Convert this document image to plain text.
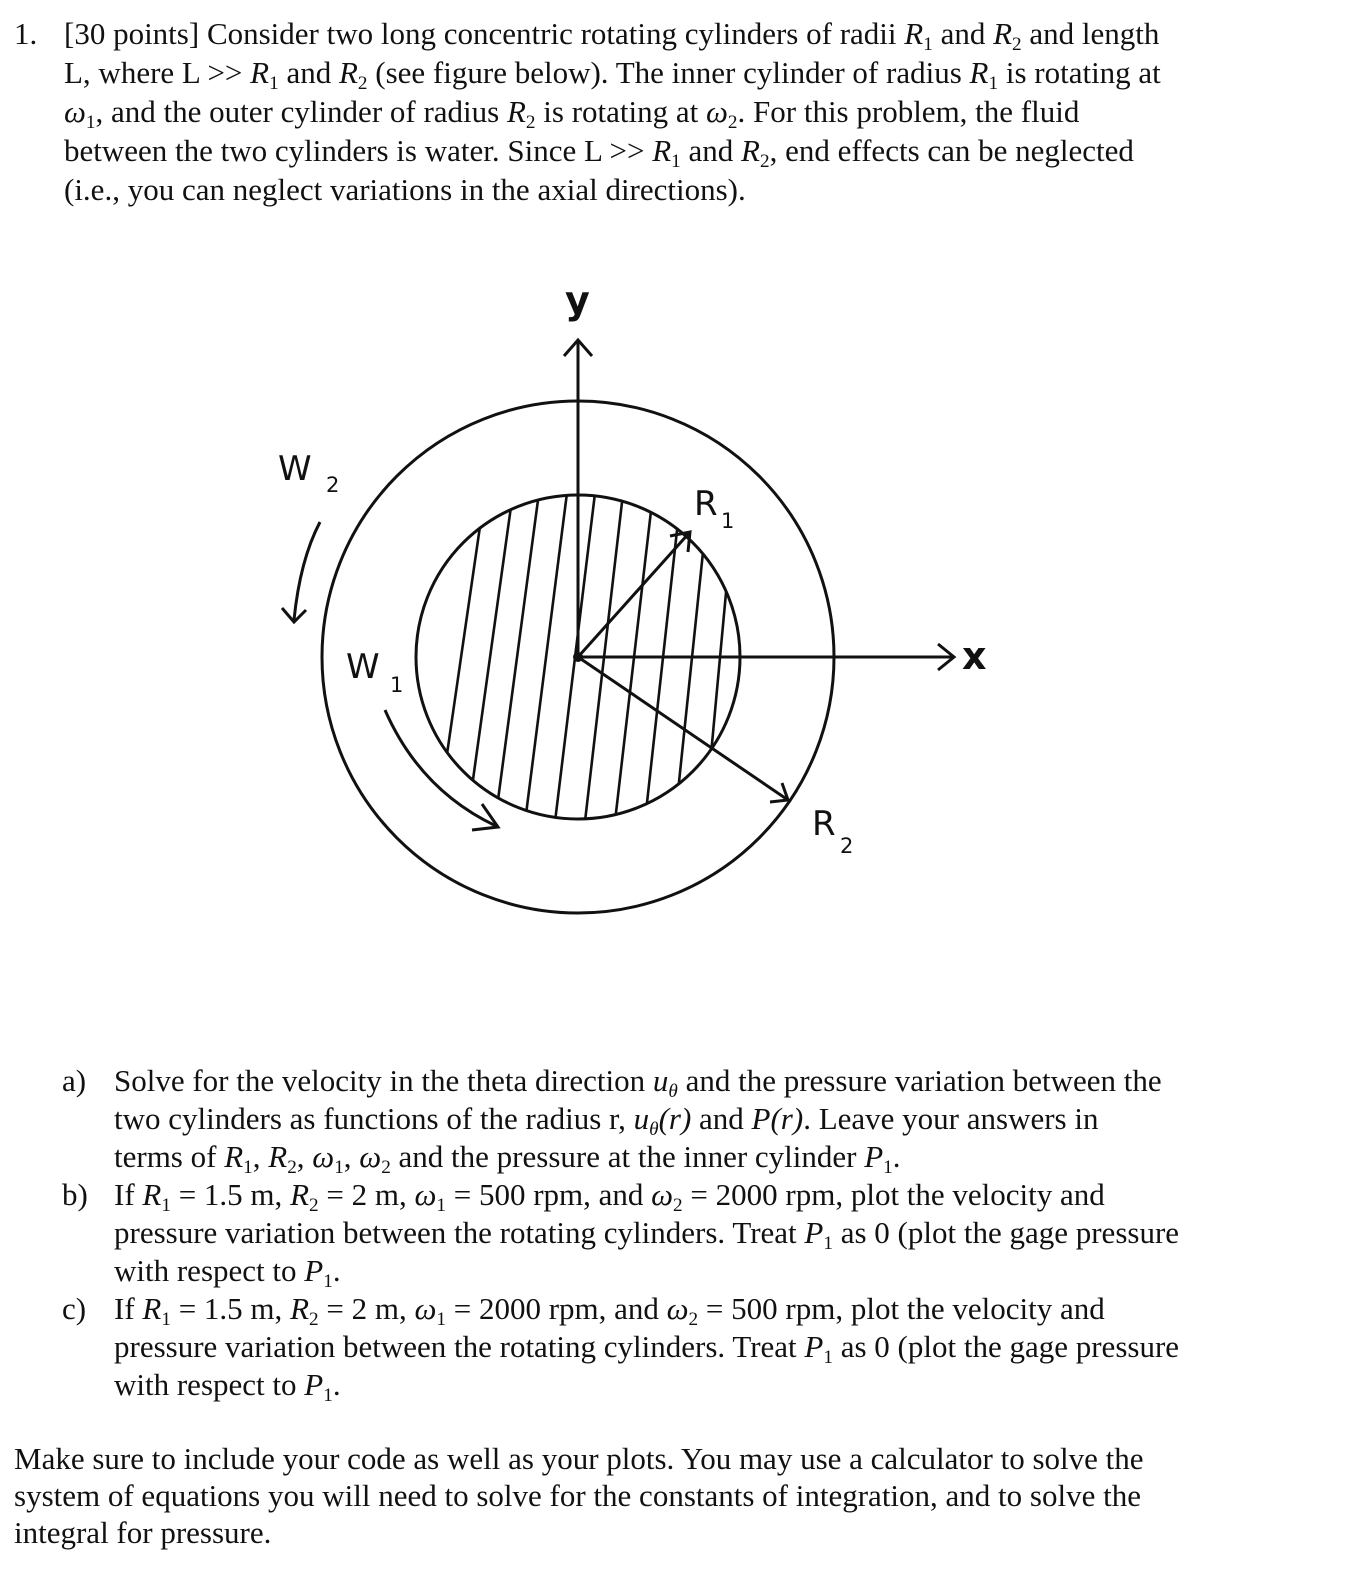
1. [30 points] Consider two long concentric rotating cylinders of radii $R_1$ and $R_2$ and length
L, where $L >> R_1$ and $R_2$ (see figure below). The inner cylinder of radius $R_1$ is rotating at
$\omega_1$, and the outer cylinder of radius $R_2$ is rotating at $\omega_2$. For this problem, the fluid
between the two cylinders is water. Since $L >> R_1$ and $R_2$, end effects can be neglected
(i.e., you can neglect variations in the axial directions).
y
x
R 1
R
2
W 2
W 1
a) Solve for the velocity in the theta direction $u_\theta$ and the pressure variation between the
two cylinders as functions of the radius r, $u_\theta(r)$ and P(r). Leave your answers in
terms of $R_1$, $R_2$, $\omega_1$, $\omega_2$ and the pressure at the inner cylinder $P_1$.
b) If $R_1 = 1.5$ m, $R_2 = 2$ m, $\omega_1 = 500$ rpm, and $\omega_2 = 2000$ rpm, plot the velocity and
pressure variation between the rotating cylinders. Treat $P_1$ as 0 (plot the gage pressure
with respect to $P_1$.
c) If $R_1 = 1.5$ m, $R_2 = 2$ m, $\omega_1 = 2000$ rpm, and $\omega_2 = 500$ rpm, plot the velocity and
pressure variation between the rotating cylinders. Treat $P_1$ as 0 (plot the gage pressure
with respect to $P_1$.
Make sure to include your code as well as your plots. You may use a calculator to solve the
system of equations you will need to solve for the constants of integration, and to solve the
integral for pressure.
